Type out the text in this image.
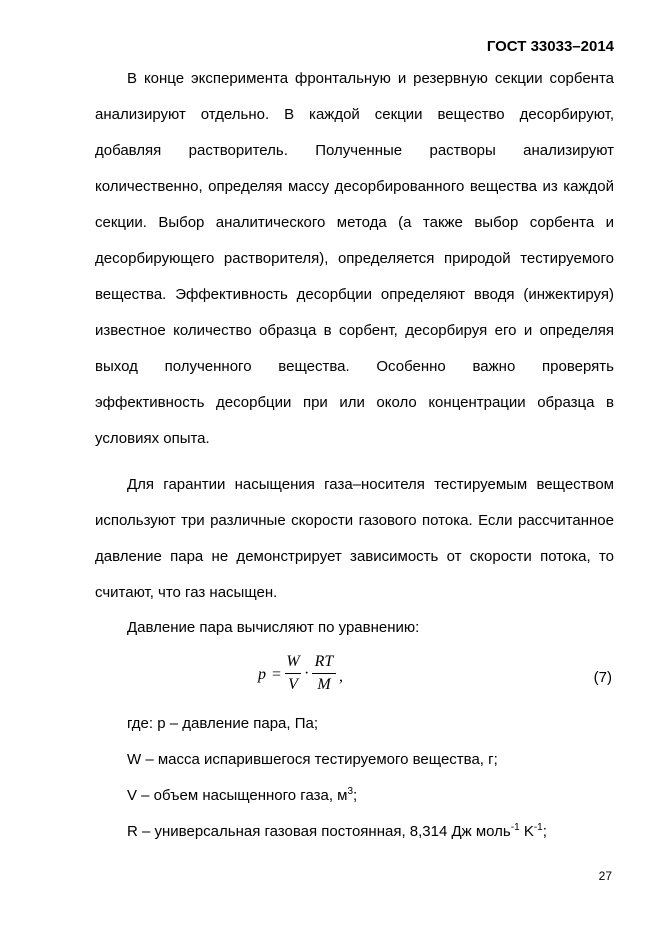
ГОСТ 33033–2014

В конце эксперимента фронтальную и резервную секции сорбента анализируют отдельно. В каждой секции вещество десорбируют, добавляя растворитель. Полученные растворы анализируют количественно, определяя массу десорбированного вещества из каждой секции. Выбор аналитического метода (а также выбор сорбента и десорбирующего растворителя), определяется природой тестируемого вещества. Эффективность десорбции определяют вводя (инжектируя) известное количество образца в сорбент, десорбируя его и определяя выход полученного вещества. Особенно важно проверять эффективность десорбции при или около концентрации образца в условиях опыта.

Для гарантии насыщения газа–носителя тестируемым веществом используют три различные скорости газового потока. Если рассчитанное давление пара не демонстрирует зависимость от скорости потока, то считают, что газ насыщен.

Давление пара вычисляют по уравнению:

p =
W
V
·
RT
M ,	(7)
где: p – давление пара, Па;
W – масса испарившегося тестируемого вещества, г;
V – объем насыщенного газа, $м^3$;
R – универсальная газовая постоянная, 8,314 Дж моль$^{-1}$ $K^{-1}$;
27
